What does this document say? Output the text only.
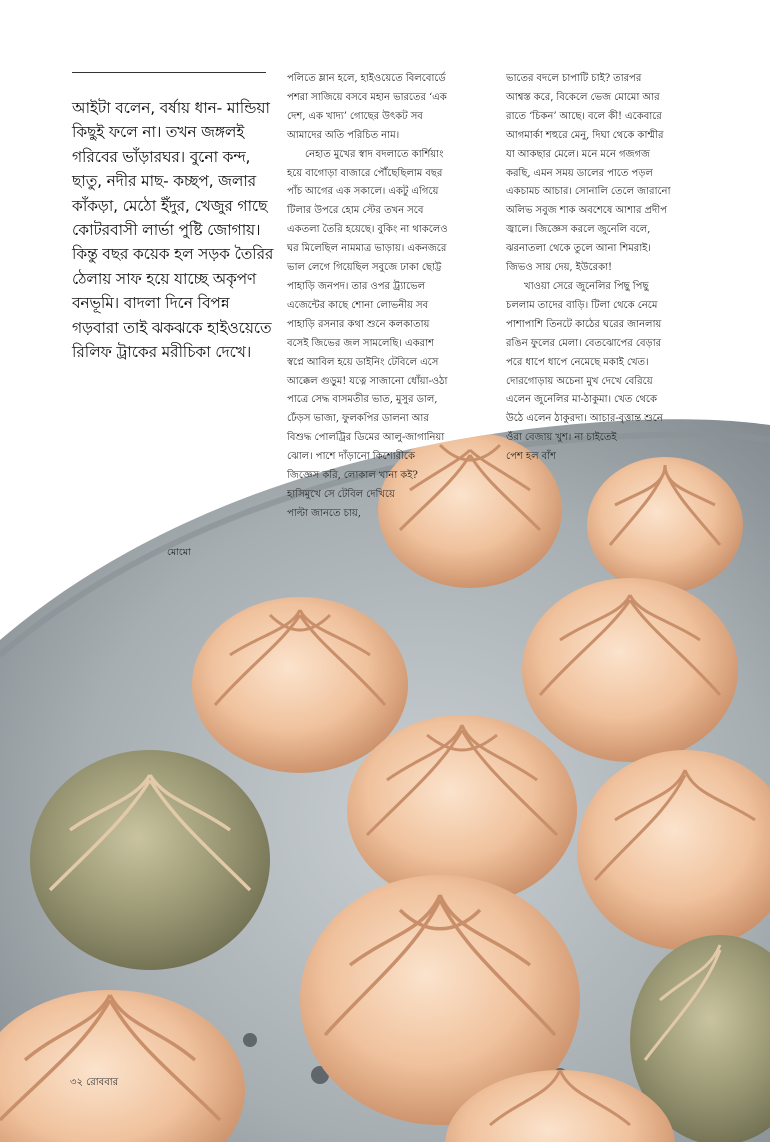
আইটা বলেন, বর্ষায় ধান- মান্ডিয়া কিছুই ফলে না। তখন জঙ্গলই গরিবের ভাঁড়ারঘর। বুনো কন্দ, ছাতু, নদীর মাছ- কচ্ছপ, জলার কাঁকড়া, মেঠো ইঁদুর, খেজুর গাছে কোটরবাসী লার্ভা পুষ্টি জোগায়। কিন্তু বছর কয়েক হল সড়ক তৈরির ঠেলায় সাফ হয়ে যাচ্ছে অকৃপণ বনভূমি। বাদলা দিনে বিপন্ন গড়বারা তাই ঝকঝকে হাইওয়েতে রিলিফ ট্রাকের মরীচিকা দেখে।
পলিতে ম্লান হলে, হাইওয়েতে বিলবোর্ডে
পশরা সাজিয়ে বসবে মহান ভারতের ‘এক
দেশ, এক খাদ্য’ গোছের উৎকট সব
আমাদের অতি পরিচিত নাম।
নেহাত মুখের স্বাদ বদলাতে কার্শিয়াং
হয়ে বাগোড়া বাজারে পৌঁছেছিলাম বছর
পাঁচ আগের এক সকালে। একটু এগিয়ে
টিলার উপরে হোম স্টের তখন সবে
একতলা তৈরি হয়েছে। বুকিং না থাকলেও
ঘর মিলেছিল নামমাত্র ভাড়ায়। একনজরে
ভাল লেগে গিয়েছিল সবুজে ঢাকা ছোট্ট
পাহাড়ি জনপদ। তার ওপর ট্র্যাভেল
এজেন্টের কাছে শোনা লোভনীয় সব
পাহাড়ি রসনার কথা শুনে কলকাতায়
বসেই জিভের জল সামলেছি। একরাশ
স্বপ্নে আবিল হয়ে ডাইনিং টেবিলে এসে
আক্কেল গুড়ুম! যত্নে সাজানো ধোঁয়া-ওঠা
পাত্রে সেদ্ধ বাসমতীর ভাত, মুসুর ডাল,
ঢেঁড়স ভাজা, ফুলকপির ডালনা আর
বিশুদ্ধ পোলট্রির ডিমের আলু-জাগানিয়া
ঝোল। পাশে দাঁড়ানো কিশোরীকে
জিজ্ঞেস করি, লোকাল খানা কই?
হাসিমুখে সে টেবিল দেখিয়ে
পাল্টা জানতে চায়,
ভাতের বদলে চাপাটি চাই? তারপর
আশ্বস্ত করে, বিকেলে ভেজ মোমো আর
রাতে ‘চিকন’ আছে। বলে কী! একেবারে
আগমার্কা শহুরে মেনু, দিঘা থেকে কাশ্মীর
যা আকছার মেলে। মনে মনে গজগজ
করছি, এমন সময় ডালের পাতে পড়ল
একচামচ আচার। সোনালি তেলে জারানো
অলিভ সবুজ শাক অবশেষে আশার প্রদীপ
জ্বালে। জিজ্ঞেস করলে জুনেলি বলে,
ঝরনাতলা থেকে তুলে আনা শিমরাই।
জিভও সায় দেয়, ইউরেকা!
খাওয়া সেরে জুনেলির পিছু পিছু
চললাম তাদের বাড়ি। টিলা থেকে নেমে
পাশাপাশি তিনটে কাঠের ঘরের জানলায়
রঙিন ফুলের মেলা। বেতঝোপের বেড়ার
পরে ধাপে ধাপে নেমেছে মকাই খেত।
দোরগোড়ায় অচেনা মুখ দেখে বেরিয়ে
এলেন জুনেলির মা-ঠাকুমা। খেত থেকে
উঠে এলেন ঠাকুরদা। আচার-বৃত্তান্ত শুনে
ওঁরা বেজায় খুশ। না চাইতেই
পেশ হল বাঁশ
মোমো
৩২ রোববার
